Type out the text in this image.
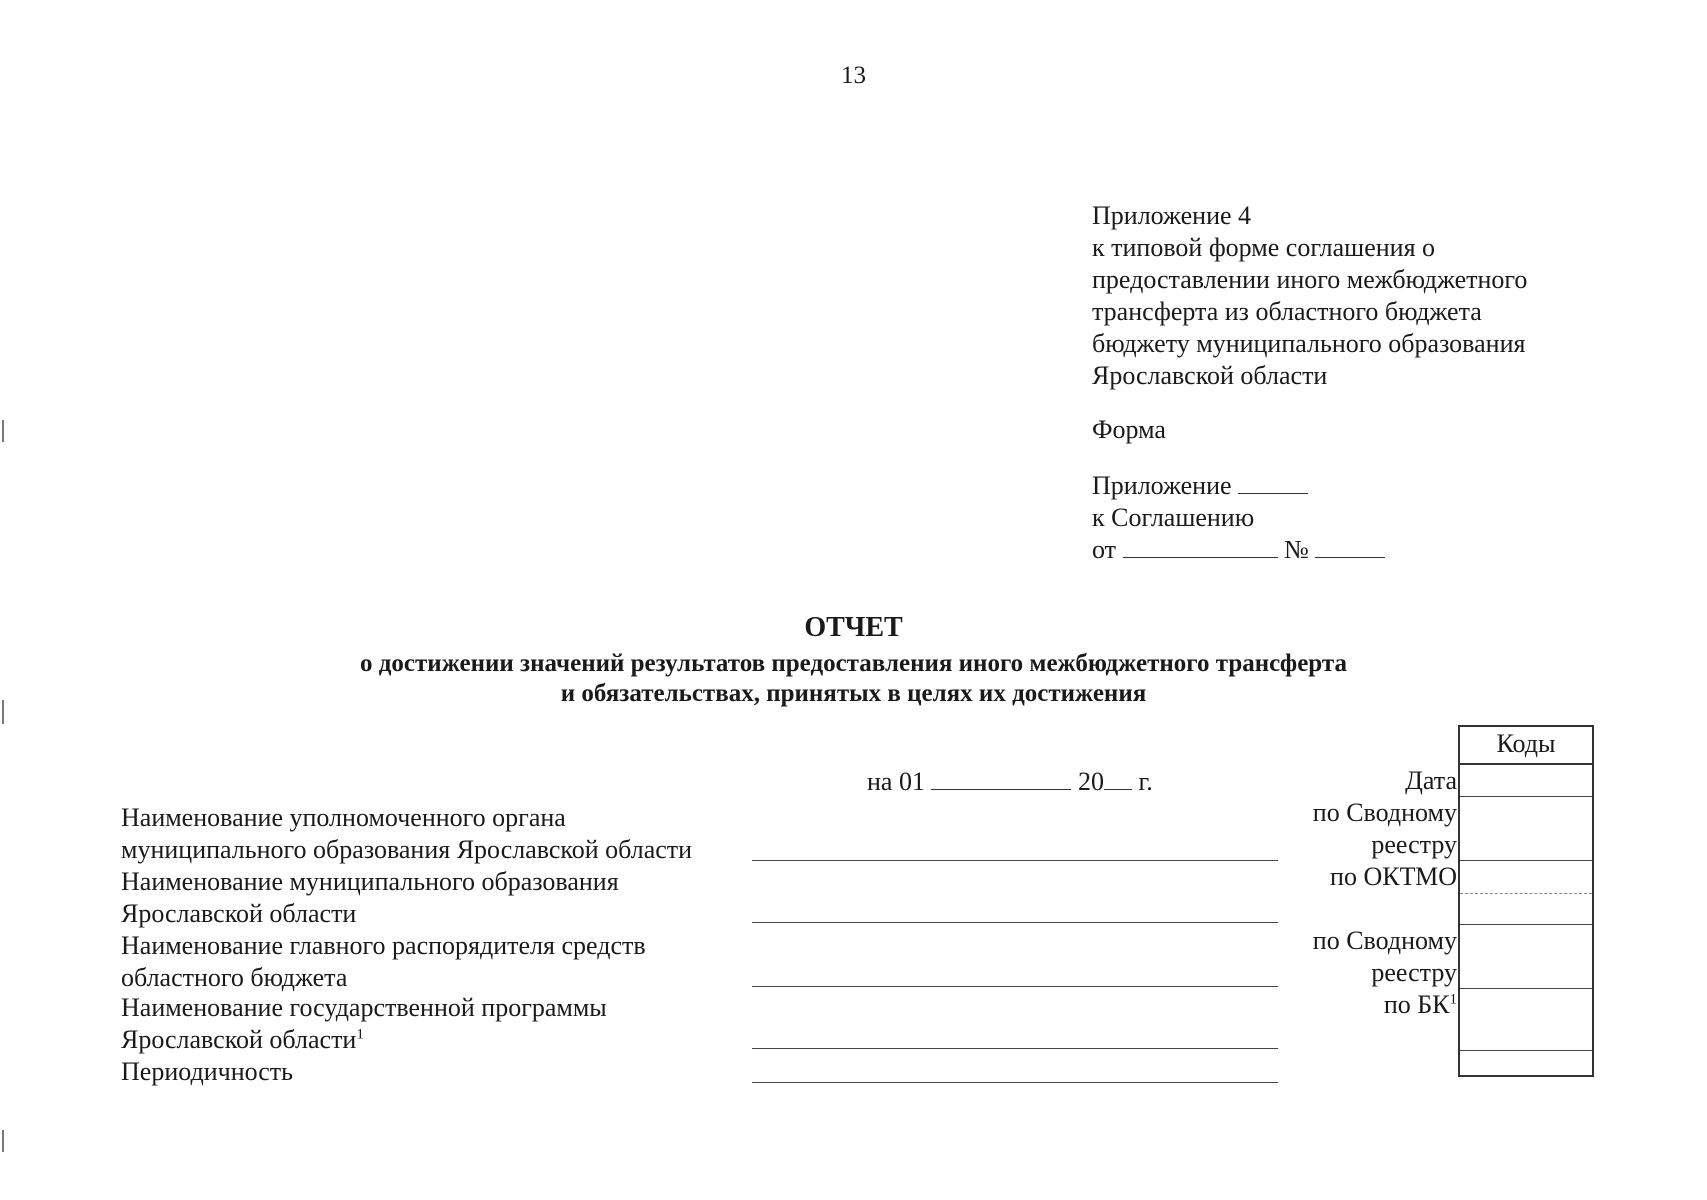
13
Приложение 4
к типовой форме соглашения о
предоставлении иного межбюджетного
трансферта из областного бюджета
бюджету муниципального образования
Ярославской области
Форма
Приложение
к Соглашению
от	№
ОТЧЕТ
о достижении значений результатов предоставления иного межбюджетного трансферта
и обязательствах, принятых в целях их достижения
на 01	20 г.
Наименование уполномоченного органа
муниципального образования Ярославской области
Наименование муниципального образования
Ярославской области
Наименование главного распорядителя средств
областного бюджета
Наименование государственной программы
Ярославской области$^1$
Периодичность
Дата
по Сводному
реестру
по ОКТМО
по Сводному
реестру
по $БК^1$
Коды
